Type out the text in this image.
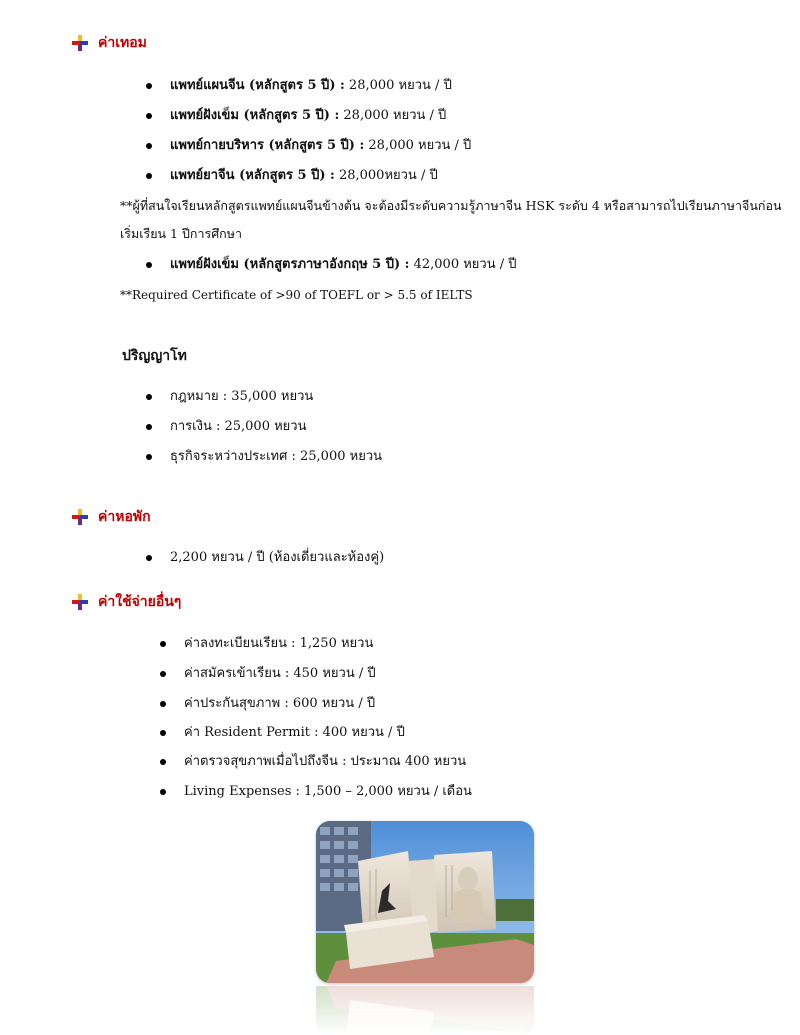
ค่าเทอม
แพทย์แผนจีน (หลักสูตร 5 ปี) : 28,000 หยวน / ปี
แพทย์ฝังเข็ม (หลักสูตร 5 ปี) : 28,000 หยวน / ปี
แพทย์กายบริหาร (หลักสูตร 5 ปี) : 28,000 หยวน / ปี
แพทย์ยาจีน (หลักสูตร 5 ปี) : 28,000หยวน / ปี
**ผู้ที่สนใจเรียนหลักสูตรแพทย์แผนจีนข้างต้น จะต้องมีระดับความรู้ภาษาจีน HSK ระดับ 4 หรือสามารถไปเรียนภาษาจีนก่อน
เริ่มเรียน 1 ปีการศึกษา
แพทย์ฝังเข็ม (หลักสูตรภาษาอังกฤษ 5 ปี) : 42,000 หยวน / ปี
**Required Certificate of >90 of TOEFL or > 5.5 of IELTS
ปริญญาโท
กฎหมาย : 35,000 หยวน
การเงิน : 25,000 หยวน
ธุรกิจระหว่างประเทศ : 25,000 หยวน
ค่าหอพัก
2,200 หยวน / ปี (ห้องเดี่ยวและห้องคู่)
ค่าใช้จ่ายอื่นๆ
ค่าลงทะเบียนเรียน : 1,250 หยวน
ค่าสมัครเข้าเรียน : 450 หยวน / ปี
ค่าประกันสุขภาพ : 600 หยวน / ปี
ค่า Resident Permit : 400 หยวน / ปี
ค่าตรวจสุขภาพเมื่อไปถึงจีน : ประมาณ 400 หยวน
Living Expenses : 1,500 – 2,000 หยวน / เดือน
